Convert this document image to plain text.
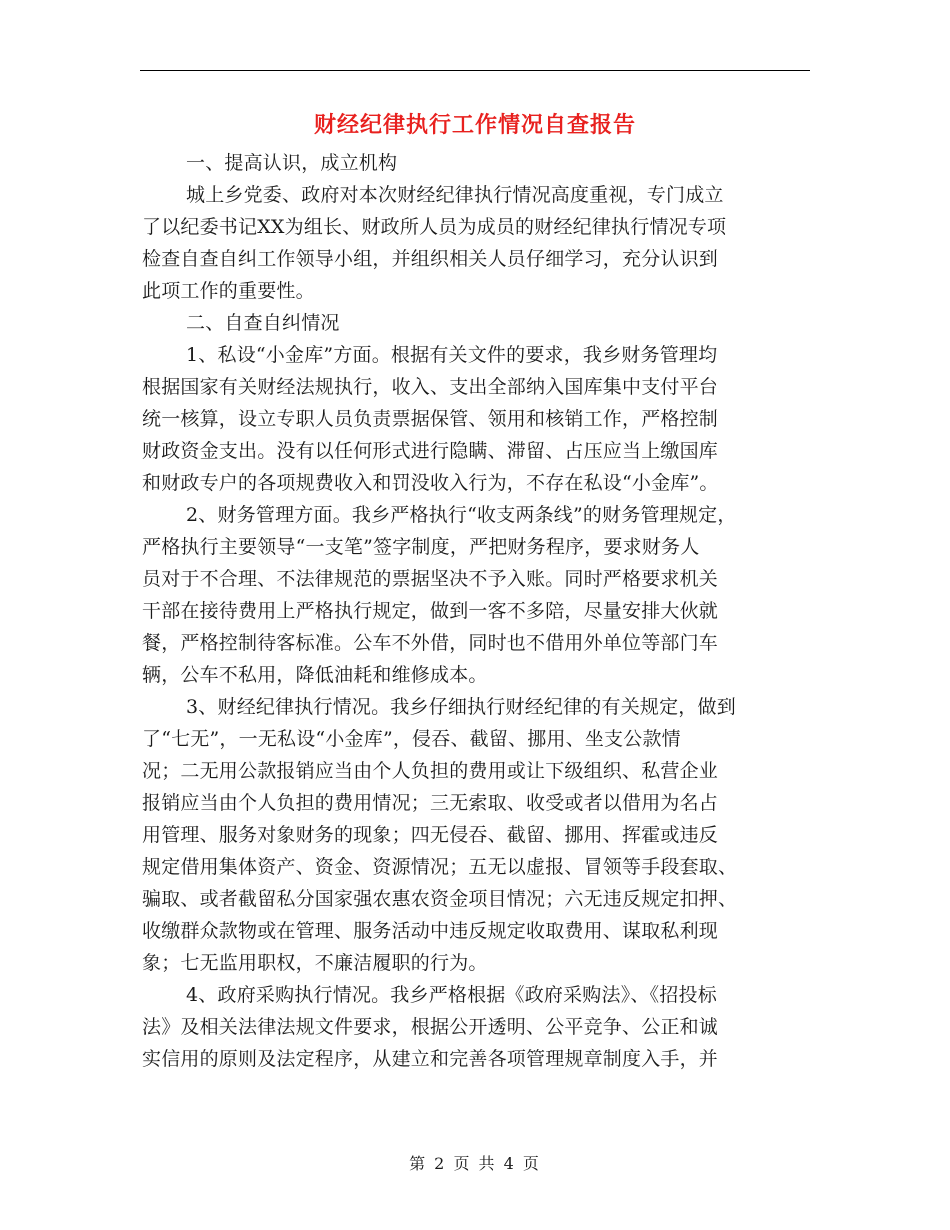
财经纪律执行工作情况自查报告
一、提高认识，成立机构
城上乡党委、政府对本次财经纪律执行情况高度重视，专门成立
了以纪委书记XX为组长、财政所人员为成员的财经纪律执行情况专项
检查自查自纠工作领导小组，并组织相关人员仔细学习，充分认识到
此项工作的重要性。
二、自查自纠情况
1、私设“小金库”方面。根据有关文件的要求，我乡财务管理均
根据国家有关财经法规执行，收入、支出全部纳入国库集中支付平台
统一核算，设立专职人员负责票据保管、领用和核销工作，严格控制
财政资金支出。没有以任何形式进行隐瞒、滞留、占压应当上缴国库
和财政专户的各项规费收入和罚没收入行为，不存在私设“小金库”。
2、财务管理方面。我乡严格执行“收支两条线”的财务管理规定，
严格执行主要领导“一支笔”签字制度，严把财务程序，要求财务人
员对于不合理、不法律规范的票据坚决不予入账。同时严格要求机关
干部在接待费用上严格执行规定，做到一客不多陪，尽量安排大伙就
餐，严格控制待客标准。公车不外借，同时也不借用外单位等部门车
辆，公车不私用，降低油耗和维修成本。
3、财经纪律执行情况。我乡仔细执行财经纪律的有关规定，做到
了“七无”，一无私设“小金库”，侵吞、截留、挪用、坐支公款情
况；二无用公款报销应当由个人负担的费用或让下级组织、私营企业
报销应当由个人负担的费用情况；三无索取、收受或者以借用为名占
用管理、服务对象财务的现象；四无侵吞、截留、挪用、挥霍或违反
规定借用集体资产、资金、资源情况；五无以虚报、冒领等手段套取、
骗取、或者截留私分国家强农惠农资金项目情况；六无违反规定扣押、
收缴群众款物或在管理、服务活动中违反规定收取费用、谋取私利现
象；七无监用职权，不廉洁履职的行为。
4、政府采购执行情况。我乡严格根据《政府采购法》、《招投标
法》及相关法律法规文件要求，根据公开透明、公平竞争、公正和诚
实信用的原则及法定程序，从建立和完善各项管理规章制度入手，并
第 2 页 共 4 页
